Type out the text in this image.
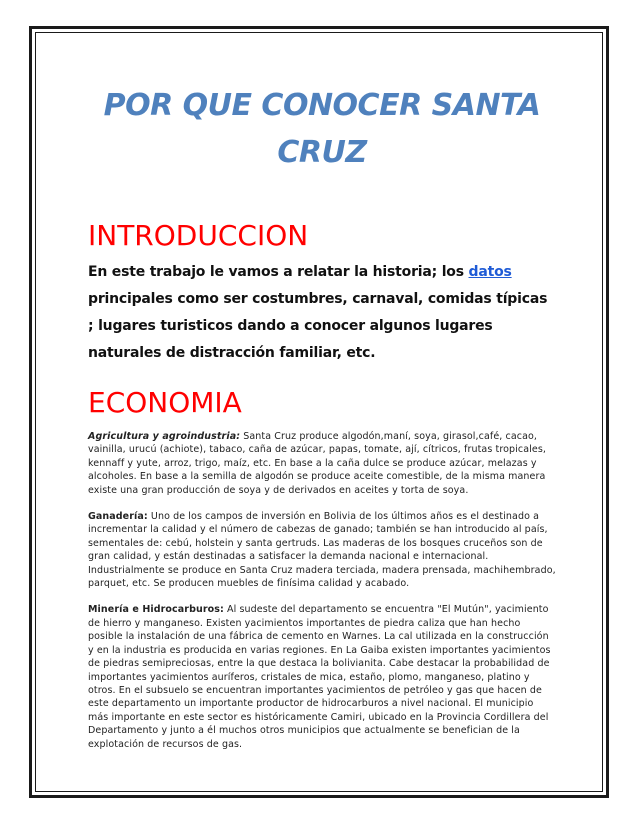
POR QUE CONOCER SANTA CRUZ
INTRODUCCION

En este trabajo le vamos a relatar la historia; los datos principales como ser costumbres, carnaval, comidas típicas ; lugares turisticos dando a conocer algunos lugares naturales de distracción familiar, etc.

ECONOMIA

Agricultura y agroindustria: Santa Cruz produce algodón,maní, soya, girasol,café, cacao, vainilla, urucú (achiote), tabaco, caña de azúcar, papas, tomate, ají, cítricos, frutas tropicales, kennaff y yute, arroz, trigo, maíz, etc. En base a la caña dulce se produce azúcar, melazas y alcoholes. En base a la semilla de algodón se produce aceite comestible, de la misma manera existe una gran producción de soya y de derivados en aceites y torta de soya.

Ganadería: Uno de los campos de inversión en Bolivia de los últimos años es el destinado a incrementar la calidad y el número de cabezas de ganado; también se han introducido al país, sementales de: cebú, holstein y santa gertruds. Las maderas de los bosques cruceños son de gran calidad, y están destinadas a satisfacer la demanda nacional e internacional. Industrialmente se produce en Santa Cruz madera terciada, madera prensada, machihembrado, parquet, etc. Se producen muebles de finísima calidad y acabado.

Minería e Hidrocarburos: Al sudeste del departamento se encuentra "El Mutún", yacimiento de hierro y manganeso. Existen yacimientos importantes de piedra caliza que han hecho posible la instalación de una fábrica de cemento en Warnes. La cal utilizada en la construcción y en la industria es producida en varias regiones. En La Gaiba existen importantes yacimientos de piedras semipreciosas, entre la que destaca la bolivianita. Cabe destacar la probabilidad de importantes yacimientos auríferos, cristales de mica, estaño, plomo, manganeso, platino y otros. En el subsuelo se encuentran importantes yacimientos de petróleo y gas que hacen de este departamento un importante productor de hidrocarburos a nivel nacional. El municipio más importante en este sector es históricamente Camiri, ubicado en la Provincia Cordillera del Departamento y junto a él muchos otros municipios que actualmente se benefician de la explotación de recursos de gas.
